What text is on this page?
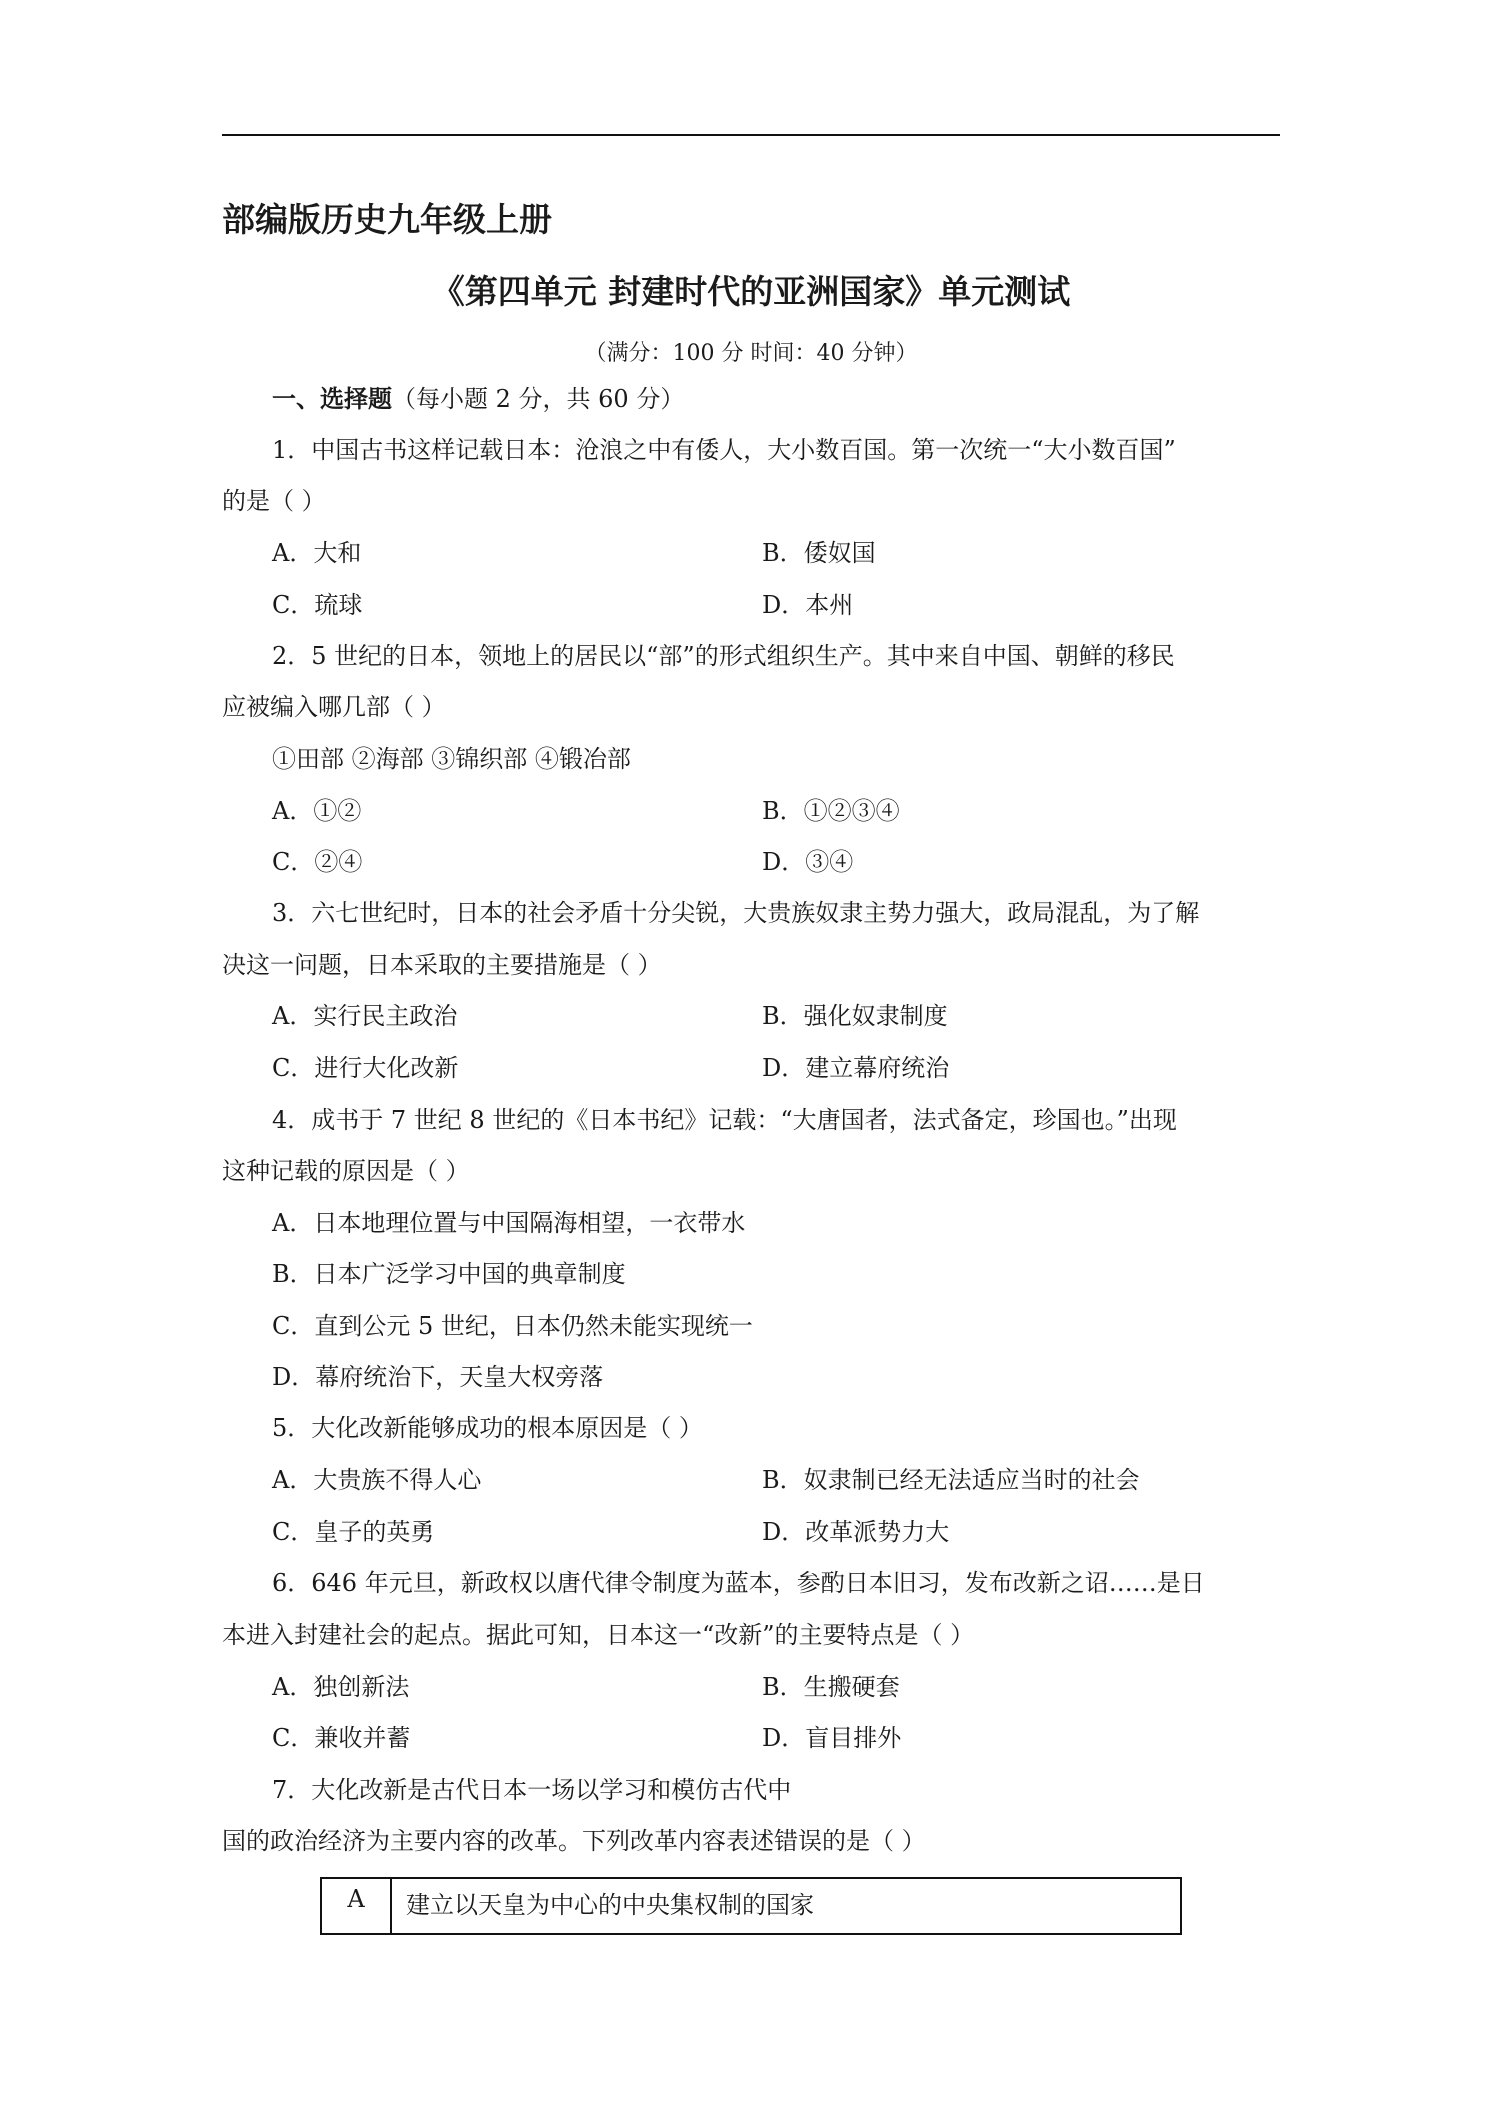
部编版历史九年级上册
《第四单元 封建时代的亚洲国家》单元测试
（满分：100 分 时间：40 分钟）
一、选择题（每小题 2 分，共 60 分）
1．中国古书这样记载日本：沧浪之中有倭人，大小数百国。第一次统一“大小数百国”
的是（ ）
A．大和	B．倭奴国
C．琉球	D．本州
2．5 世纪的日本，领地上的居民以“部”的形式组织生产。其中来自中国、朝鲜的移民
应被编入哪几部（ ）
①田部 ②海部 ③锦织部 ④锻冶部
A．①②	B．①②③④
C．②④	D．③④
3．六七世纪时，日本的社会矛盾十分尖锐，大贵族奴隶主势力强大，政局混乱，为了解
决这一问题，日本采取的主要措施是（ ）
A．实行民主政治	B．强化奴隶制度
C．进行大化改新	D．建立幕府统治
4．成书于 7 世纪 8 世纪的《日本书纪》记载：“大唐国者，法式备定，珍国也。”出现
这种记载的原因是（ ）
A．日本地理位置与中国隔海相望，一衣带水
B．日本广泛学习中国的典章制度
C．直到公元 5 世纪，日本仍然未能实现统一
D．幕府统治下，天皇大权旁落
5．大化改新能够成功的根本原因是（ ）
A．大贵族不得人心	B．奴隶制已经无法适应当时的社会
C．皇子的英勇	D．改革派势力大
6．646 年元旦，新政权以唐代律令制度为蓝本，参酌日本旧习，发布改新之诏……是日
本进入封建社会的起点。据此可知，日本这一“改新”的主要特点是（ ）
A．独创新法	B．生搬硬套
C．兼收并蓄	D．盲目排外
7．大化改新是古代日本一场以学习和模仿古代中
国的政治经济为主要内容的改革。下列改革内容表述错误的是（ ）
A	建立以天皇为中心的中央集权制的国家
